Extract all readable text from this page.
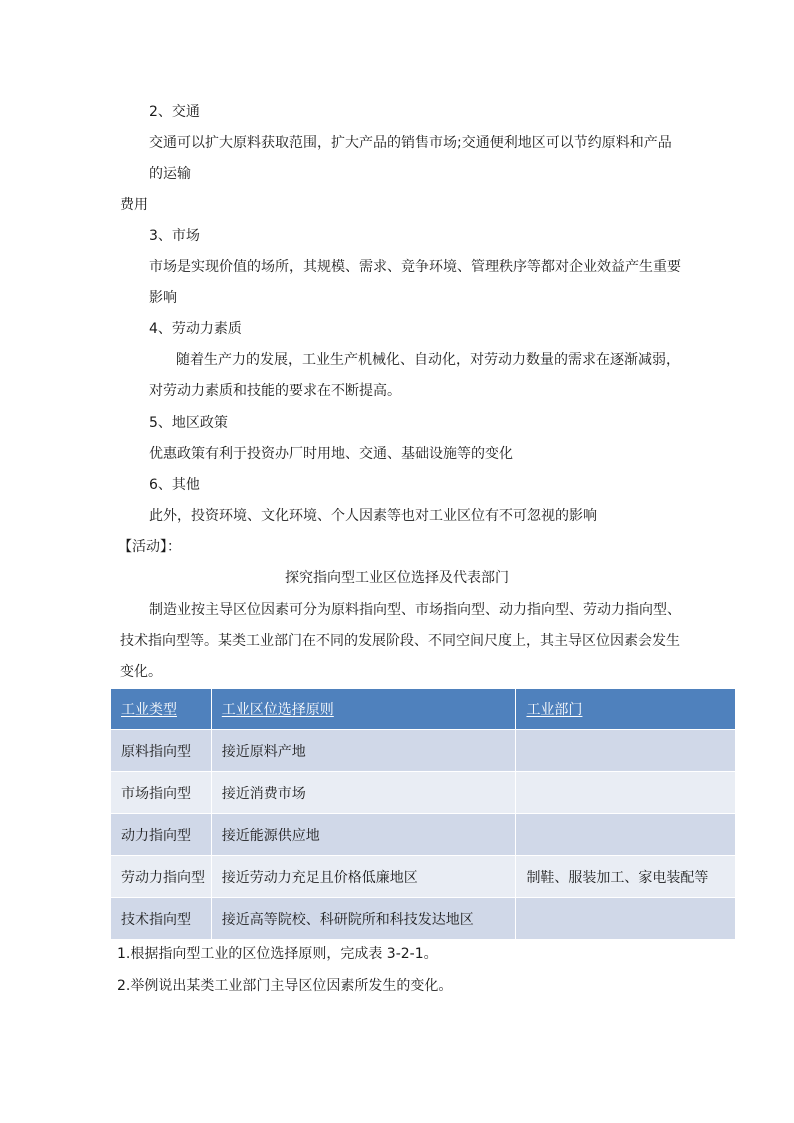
2、交通
交通可以扩大原料获取范围，扩大产品的销售市场;交通便利地区可以节约原料和产品
的运输
费用
3、市场
市场是实现价值的场所，其规模、需求、竞争环境、管理秩序等都对企业效益产生重要
影响
4、劳动力素质
随着生产力的发展，工业生产机械化、自动化，对劳动力数量的需求在逐渐减弱，
对劳动力素质和技能的要求在不断提高。
5、地区政策
优惠政策有利于投资办厂时用地、交通、基础设施等的变化
6、其他
此外，投资环境、文化环境、个人因素等也对工业区位有不可忽视的影响
【活动】：
探究指向型工业区位选择及代表部门
制造业按主导区位因素可分为原料指向型、市场指向型、动力指向型、劳动力指向型、
技术指向型等。某类工业部门在不同的发展阶段、不同空间尺度上，其主导区位因素会发生
变化。
工业类型	工业区位选择原则	工业部门
原料指向型	接近原料产地	
市场指向型	接近消费市场	
动力指向型	接近能源供应地	
劳动力指向型	接近劳动力充足且价格低廉地区	制鞋、服装加工、家电装配等
技术指向型	接近高等院校、科研院所和科技发达地区	
1.根据指向型工业的区位选择原则，完成表 3-2-1。
2.举例说出某类工业部门主导区位因素所发生的变化。
